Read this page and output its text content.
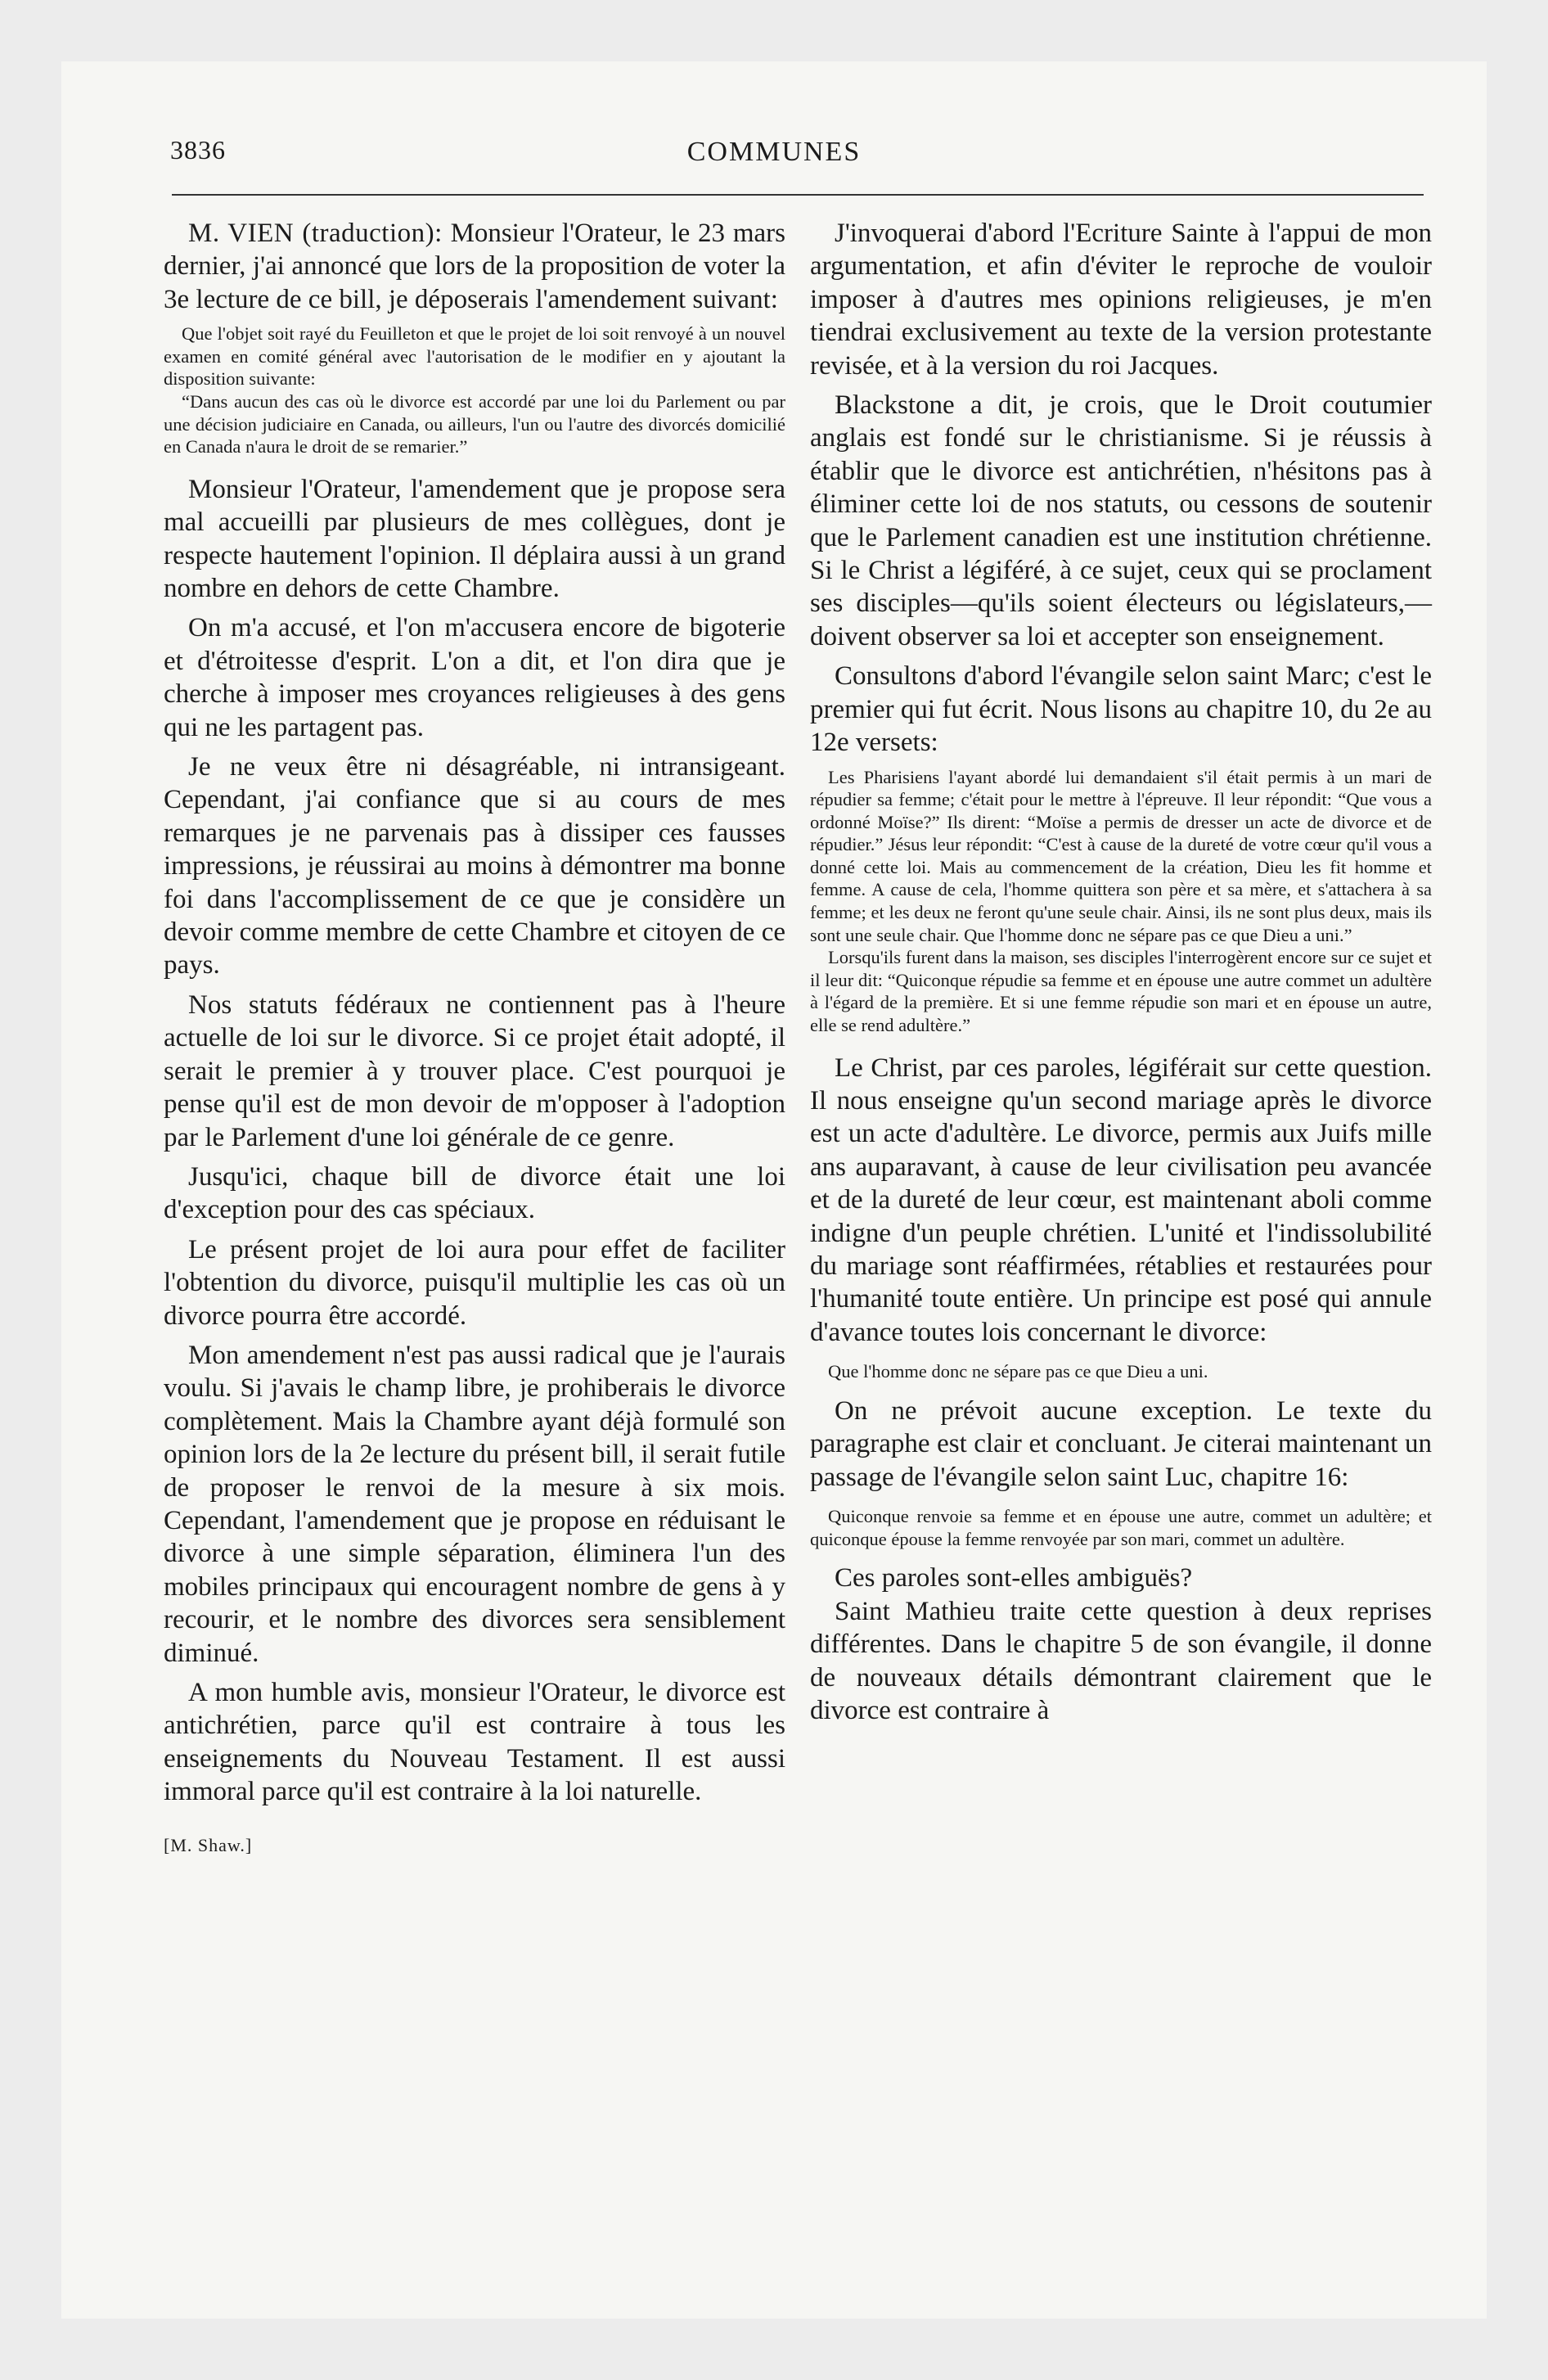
3836	COMMUNES

M. VIEN (traduction): Monsieur l'Orateur, le 23 mars dernier, j'ai annoncé que lors de la proposition de voter la 3e lecture de ce bill, je déposerais l'amendement suivant:

Que l'objet soit rayé du Feuilleton et que le projet de loi soit renvoyé à un nouvel examen en comité général avec l'autorisation de le modifier en y ajoutant la disposition suivante:

“Dans aucun des cas où le divorce est accordé par une loi du Parlement ou par une décision judiciaire en Canada, ou ailleurs, l'un ou l'autre des divorcés domicilié en Canada n'aura le droit de se remarier.”

Monsieur l'Orateur, l'amendement que je propose sera mal accueilli par plusieurs de mes collègues, dont je respecte hautement l'opinion. Il déplaira aussi à un grand nombre en dehors de cette Chambre.

On m'a accusé, et l'on m'accusera encore de bigoterie et d'étroitesse d'esprit. L'on a dit, et l'on dira que je cherche à imposer mes croyances religieuses à des gens qui ne les partagent pas.

Je ne veux être ni désagréable, ni intransigeant. Cependant, j'ai confiance que si au cours de mes remarques je ne parvenais pas à dissiper ces fausses impressions, je réussirai au moins à démontrer ma bonne foi dans l'accomplissement de ce que je considère un devoir comme membre de cette Chambre et citoyen de ce pays.

Nos statuts fédéraux ne contiennent pas à l'heure actuelle de loi sur le divorce. Si ce projet était adopté, il serait le premier à y trouver place. C'est pourquoi je pense qu'il est de mon devoir de m'opposer à l'adoption par le Parlement d'une loi générale de ce genre.

Jusqu'ici, chaque bill de divorce était une loi d'exception pour des cas spéciaux.

Le présent projet de loi aura pour effet de faciliter l'obtention du divorce, puisqu'il multiplie les cas où un divorce pourra être accordé.

Mon amendement n'est pas aussi radical que je l'aurais voulu. Si j'avais le champ libre, je prohiberais le divorce complètement. Mais la Chambre ayant déjà formulé son opinion lors de la 2e lecture du présent bill, il serait futile de proposer le renvoi de la mesure à six mois. Cependant, l'amendement que je propose en réduisant le divorce à une simple séparation, éliminera l'un des mobiles principaux qui encouragent nombre de gens à y recourir, et le nombre des divorces sera sensiblement diminué.

A mon humble avis, monsieur l'Orateur, le divorce est antichrétien, parce qu'il est contraire à tous les enseignements du Nouveau Testament. Il est aussi immoral parce qu'il est contraire à la loi naturelle.

[M. Shaw.]

J'invoquerai d'abord l'Ecriture Sainte à l'appui de mon argumentation, et afin d'éviter le reproche de vouloir imposer à d'autres mes opinions religieuses, je m'en tiendrai exclusivement au texte de la version protestante revisée, et à la version du roi Jacques.

Blackstone a dit, je crois, que le Droit coutumier anglais est fondé sur le christianisme. Si je réussis à établir que le divorce est antichrétien, n'hésitons pas à éliminer cette loi de nos statuts, ou cessons de soutenir que le Parlement canadien est une institution chrétienne. Si le Christ a légiféré, à ce sujet, ceux qui se proclament ses disciples—qu'ils soient électeurs ou législateurs,—doivent observer sa loi et accepter son enseignement.

Consultons d'abord l'évangile selon saint Marc; c'est le premier qui fut écrit. Nous lisons au chapitre 10, du 2e au 12e versets:

Les Pharisiens l'ayant abordé lui demandaient s'il était permis à un mari de répudier sa femme; c'était pour le mettre à l'épreuve. Il leur répondit: “Que vous a ordonné Moïse?” Ils dirent: “Moïse a permis de dresser un acte de divorce et de répudier.” Jésus leur répondit: “C'est à cause de la dureté de votre cœur qu'il vous a donné cette loi. Mais au commencement de la création, Dieu les fit homme et femme. A cause de cela, l'homme quittera son père et sa mère, et s'attachera à sa femme; et les deux ne feront qu'une seule chair. Ainsi, ils ne sont plus deux, mais ils sont une seule chair. Que l'homme donc ne sépare pas ce que Dieu a uni.”

Lorsqu'ils furent dans la maison, ses disciples l'interrogèrent encore sur ce sujet et il leur dit: “Quiconque répudie sa femme et en épouse une autre commet un adultère à l'égard de la première. Et si une femme répudie son mari et en épouse un autre, elle se rend adultère.”

Le Christ, par ces paroles, légiférait sur cette question. Il nous enseigne qu'un second mariage après le divorce est un acte d'adultère. Le divorce, permis aux Juifs mille ans auparavant, à cause de leur civilisation peu avancée et de la dureté de leur cœur, est maintenant aboli comme indigne d'un peuple chrétien. L'unité et l'indissolubilité du mariage sont réaffirmées, rétablies et restaurées pour l'humanité toute entière. Un principe est posé qui annule d'avance toutes lois concernant le divorce:

Que l'homme donc ne sépare pas ce que Dieu a uni.

On ne prévoit aucune exception. Le texte du paragraphe est clair et concluant. Je citerai maintenant un passage de l'évangile selon saint Luc, chapitre 16:

Quiconque renvoie sa femme et en épouse une autre, commet un adultère; et quiconque épouse la femme renvoyée par son mari, commet un adultère.

Ces paroles sont-elles ambiguës?

Saint Mathieu traite cette question à deux reprises différentes. Dans le chapitre 5 de son évangile, il donne de nouveaux détails démontrant clairement que le divorce est contraire à
